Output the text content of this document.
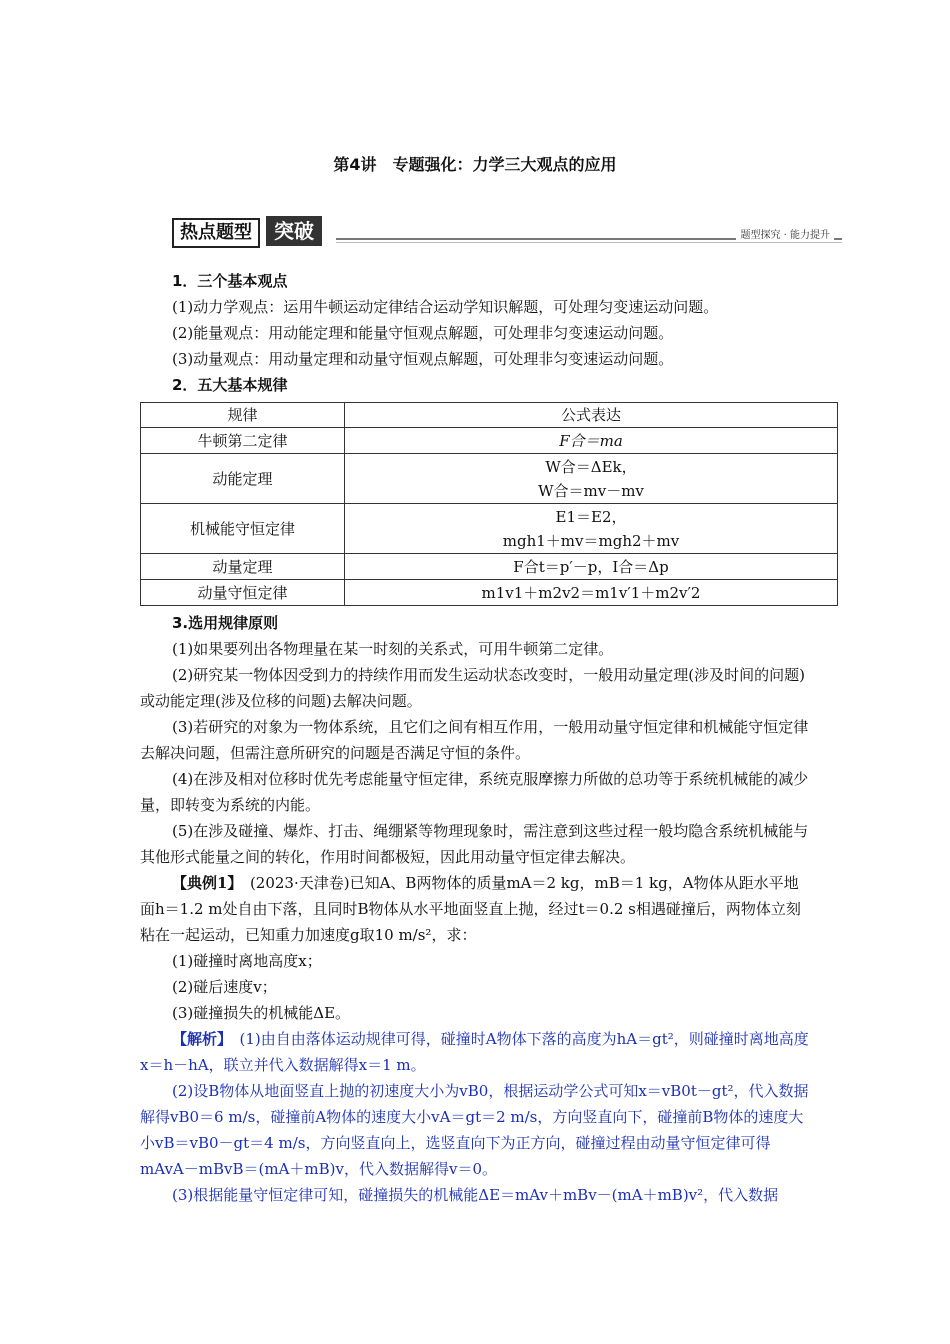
第4讲　专题强化：力学三大观点的应用
热点题型	突破	题型探究 · 能力提升

1．三个基本观点

(1)动力学观点：运用牛顿运动定律结合运动学知识解题，可处理匀变速运动问题。

(2)能量观点：用动能定理和能量守恒观点解题，可处理非匀变速运动问题。

(3)动量观点：用动量定理和动量守恒观点解题，可处理非匀变速运动问题。

2．五大基本规律

规律	公式表达
牛顿第二定律	F合＝ma
动能定理	W合＝ΔEk，
W合＝mv－mv

机械能守恒定律	E1＝E2，
mgh1＋mv＝mgh2＋mv

动量定理	F合t＝p′－p，I合＝Δp
动量守恒定律	m1v1＋m2v2＝m1v′1＋m2v′2

3.选用规律原则

(1)如果要列出各物理量在某一时刻的关系式，可用牛顿第二定律。

(2)研究某一物体因受到力的持续作用而发生运动状态改变时，一般用动量定理(涉及时间的问题)或动能定理(涉及位移的问题)去解决问题。

(3)若研究的对象为一物体系统，且它们之间有相互作用，一般用动量守恒定律和机械能守恒定律去解决问题，但需注意所研究的问题是否满足守恒的条件。

(4)在涉及相对位移时优先考虑能量守恒定律，系统克服摩擦力所做的总功等于系统机械能的减少量，即转变为系统的内能。

(5)在涉及碰撞、爆炸、打击、绳绷紧等物理现象时，需注意到这些过程一般均隐含系统机械能与其他形式能量之间的转化，作用时间都极短，因此用动量守恒定律去解决。

【典例1】　(2023·天津卷)已知A、B两物体的质量mA＝2 kg，mB＝1 kg，A物体从距水平地面h＝1.2 m处自由下落，且同时B物体从水平地面竖直上抛，经过t＝0.2 s相遇碰撞后，两物体立刻粘在一起运动，已知重力加速度g取10 m/s²，求：

(1)碰撞时离地高度x；

(2)碰后速度v；

(3)碰撞损失的机械能ΔE。

【解析】　(1)由自由落体运动规律可得，碰撞时A物体下落的高度为hA＝gt²，则碰撞时离地高度x＝h－hA，联立并代入数据解得x＝1 m。

(2)设B物体从地面竖直上抛的初速度大小为vB0，根据运动学公式可知x＝vB0t－gt²，代入数据解得vB0＝6 m/s，碰撞前A物体的速度大小vA＝gt＝2 m/s，方向竖直向下，碰撞前B物体的速度大小vB＝vB0－gt＝4 m/s，方向竖直向上，选竖直向下为正方向，碰撞过程由动量守恒定律可得mAvA－mBvB＝(mA＋mB)v，代入数据解得v＝0。

(3)根据能量守恒定律可知，碰撞损失的机械能ΔE＝mAv＋mBv－(mA＋mB)v²，代入数据
